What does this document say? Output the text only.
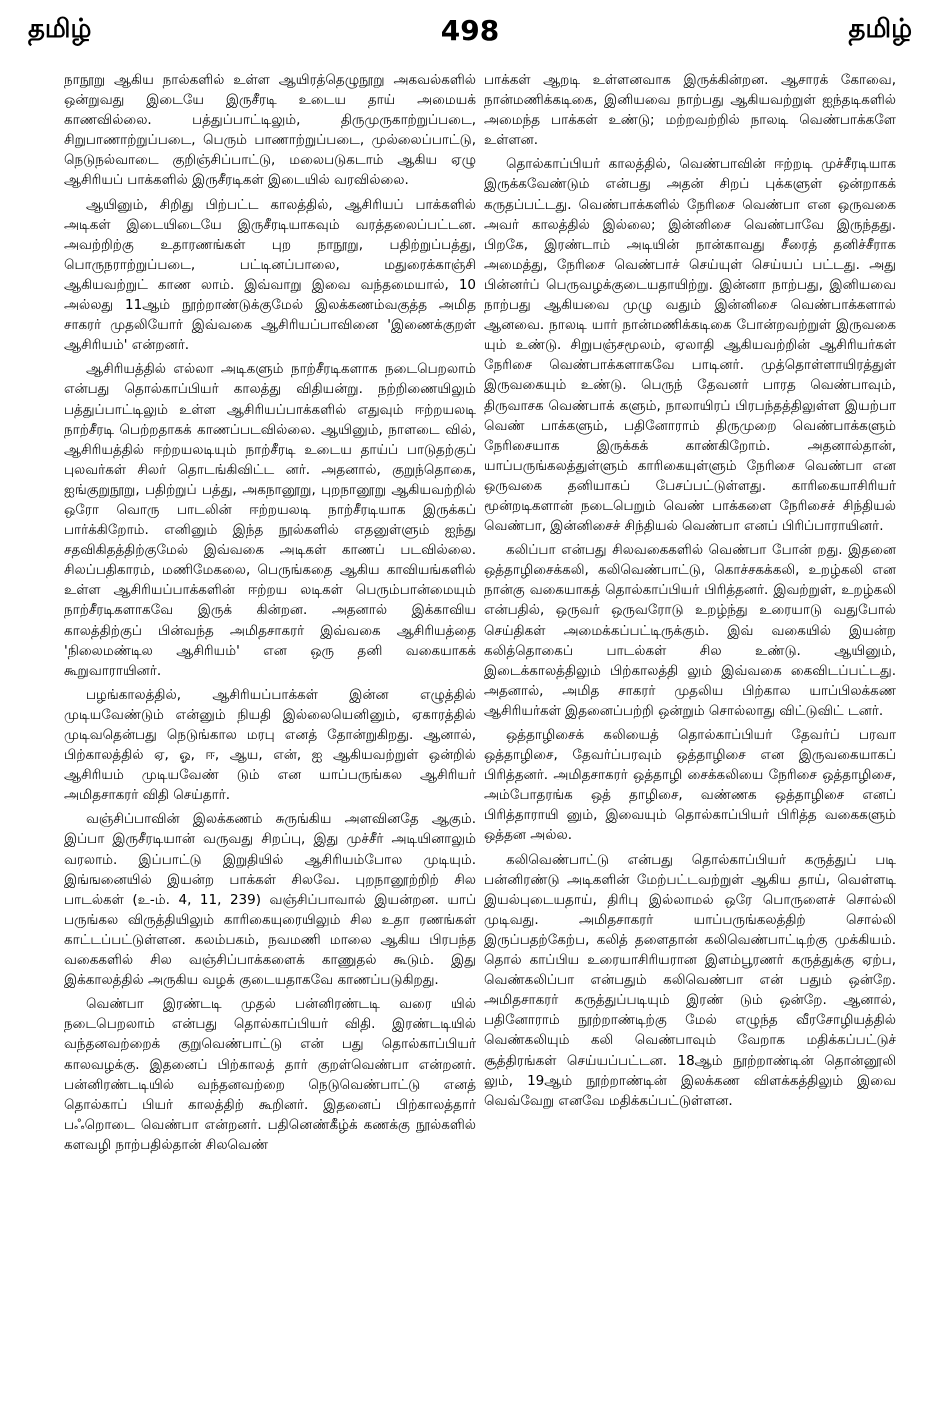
தமிழ்	498	தமிழ்

நாநூறு ஆகிய நால்களில் உள்ள ஆயிரத்தெழுநூறு அகவல்களில் ஒன்றுவது இடையே இருசீரடி உடைய தாய் அமையக் காணவில்லை. பத்துப்பாட்டிலும், திருமுருகாற்றுப்படை, சிறுபாணாற்றுப்படை, பெரும் பாணாற்றுப்படை, முல்லைப்பாட்டு, நெடுநல்வாடை குறிஞ்சிப்பாட்டு, மலைபடுகடாம் ஆகிய ஏழு ஆசிரியப் பாக்களில் இருசீரடிகள் இடையில் வரவில்லை.

ஆயினும், சிறிது பிற்பட்ட காலத்தில், ஆசிரியப் பாக்களில் அடிகள் இடையிடையே இருசீரடியாகவும் வரத்தலைப்பட்டன. அவற்றிற்கு உதாரணங்கள் புற நாநூறு, பதிற்றுப்பத்து, பொருநராற்றுப்படை, பட்டினப்பாலை, மதுரைக்காஞ்சி ஆகியவற்றுட் காண லாம். இவ்வாறு இவை வந்தமையால், 10 அல்லது 11ஆம் நூற்றாண்டுக்குமேல் இலக்கணம்வகுத்த அமித சாகரர் முதலியோர் இவ்வகை ஆசிரியப்பாவினை 'இணைக்குறள் ஆசிரியம்' என்றனர்.

ஆசிரியத்தில் எல்லா அடிகளும் நாற்சீரடிகளாக நடைபெறலாம் என்பது தொல்காப்பியர் காலத்து விதியன்று. நற்றிணையிலும் பத்துப்பாட்டிலும் உள்ள ஆசிரியப்பாக்களில் எதுவும் ஈற்றயலடி நாற்சீரடி பெற்றதாகக் காணப்படவில்லை. ஆயினும், நாளடை வில், ஆசிரியத்தில் ஈற்றயலடியும் நாற்சீரடி உடைய தாய்ப் பாடுதற்குப் புலவர்கள் சிலர் தொடங்கிவிட்ட னர். அதனால், குறுந்தொகை, ஐங்குறுநூறு, பதிற்றுப் பத்து, அகநானூறு, புறநானூறு ஆகியவற்றில் ஒரோ வொரு பாடலின் ஈற்றயலடி நாற்சீரடியாக இருக்கப் பார்க்கிறோம். எனினும் இந்த நூல்களில் எதனுள்ளும் ஐந்து சதவிகிதத்திற்குமேல் இவ்வகை அடிகள் காணப் படவில்லை. சிலப்பதிகாரம், மணிமேகலை, பெருங்கதை ஆகிய காவியங்களில் உள்ள ஆசிரியப்பாக்களின் ஈற்றய லடிகள் பெரும்பான்மையும் நாற்சீரடிகளாகவே இருக் கின்றன. அதனால் இக்காவிய காலத்திற்குப் பின்வந்த அமிதசாகரர் இவ்வகை ஆசிரியத்தை 'நிலைமண்டில ஆசிரியம்' என ஒரு தனி வகையாகக் கூறுவாராயினர்.

பழங்காலத்தில், ஆசிரியப்பாக்கள் இன்ன எழுத்தில் முடியவேண்டும் என்னும் நியதி இல்லையெனினும், ஏகாரத்தில் முடிவதென்பது நெடுங்கால மரபு எனத் தோன்றுகிறது. ஆனால், பிற்காலத்தில் ஏ, ஓ, ஈ, ஆய, என், ஐ ஆகியவற்றுள் ஒன்றில் ஆசிரியம் முடியவேண் டும் என யாப்பருங்கல ஆசிரியர் அமிதசாகரர் விதி செய்தார்.

வஞ்சிப்பாவின் இலக்கணம் சுருங்கிய அளவினதே ஆகும். இப்பா இருசீரடியான் வருவது சிறப்பு, இது முச்சீர் அடியினாலும் வரலாம். இப்பாட்டு இறுதியில் ஆசிரியம்போல முடியும். இங்ஙனையில் இயன்ற பாக்கள் சிலவே. புறநானூற்றிற் சில பாடல்கள் (உ-ம். 4, 11, 239) வஞ்சிப்பாவால் இயன்றன. யாப் பருங்கல விருத்தியிலும் காரிகையுரையிலும் சில உதா ரணங்கள் காட்டப்பட்டுள்ளன. கலம்பகம், நவமணி மாலை ஆகிய பிரபந்த வகைகளில் சில வஞ்சிப்பாக்களைக் காணுதல் கூடும். இது இக்காலத்தில் அருகிய வழக் குடையதாகவே காணப்படுகிறது.

வெண்பா இரண்டடி முதல் பன்னிரண்டடி வரை யில் நடைபெறலாம் என்பது தொல்காப்பியர் விதி. இரண்டடியில் வந்தனவற்றைக் குறுவெண்பாட்டு என் பது தொல்காப்பியர் காலவழக்கு. இதனைப் பிற்காலத் தார் குறள்வெண்பா என்றனர். பன்னிரண்டடியில் வந்தனவற்றை நெடுவெண்பாட்டு எனத் தொல்காப் பியர் காலத்திற் கூறினர். இதனைப் பிற்காலத்தார் பஃறொடை வெண்பா என்றனர். பதினெண்கீழ்க் கணக்கு நூல்களில் களவழி நாற்பதில்தான் சிலவெண்

பாக்கள் ஆறடி உள்ளனவாக இருக்கின்றன. ஆசாரக் கோவை, நான்மணிக்கடிகை, இனியவை நாற்பது ஆகியவற்றுள் ஐந்தடிகளில் அமைந்த பாக்கள் உண்டு; மற்றவற்றில் நாலடி வெண்பாக்களே உள்ளன.

தொல்காப்பியர் காலத்தில், வெண்பாவின் ஈற்றடி முச்சீரடியாக இருக்கவேண்டும் என்பது அதன் சிறப் புக்களுள் ஒன்றாகக் கருதப்பட்டது. வெண்பாக்களில் நேரிசை வெண்பா என ஒருவகை அவர் காலத்தில் இல்லை; இன்னிசை வெண்பாவே இருந்தது. பிறகே, இரண்டாம் அடியின் நான்காவது சீரைத் தனிச்சீராக அமைத்து, நேரிசை வெண்பாச் செய்யுள் செய்யப் பட்டது. அது பின்னர்ப் பெருவழக்குடையதாயிற்று. இன்னா நாற்பது, இனியவை நாற்பது ஆகியவை முழு வதும் இன்னிசை வெண்பாக்களால் ஆனவை. நாலடி யார் நான்மணிக்கடிகை போன்றவற்றுள் இருவகை யும் உண்டு. சிறுபஞ்சமூலம், ஏலாதி ஆகியவற்றின் ஆசிரியர்கள் நேரிசை வெண்பாக்களாகவே பாடினர். முத்தொள்ளாயிரத்துள் இருவகையும் உண்டு. பெருந் தேவனர் பாரத வெண்பாவும், திருவாசக வெண்பாக் களும், நாலாயிரப் பிரபந்தத்திலுள்ள இயற்பா வெண் பாக்களும், பதினோராம் திருமுறை வெண்பாக்களும் நேரிசையாக இருக்கக் காண்கிறோம். அதனால்தான், யாப்பருங்கலத்துள்ளும் காரிகையுள்ளும் நேரிசை வெண்பா என ஒருவகை தனியாகப் பேசப்பட்டுள்ளது. காரிகையாசிரியர் மூன்றடிகளான் நடைபெறும் வெண் பாக்களை நேரிசைச் சிந்தியல் வெண்பா, இன்னிசைச் சிந்தியல் வெண்பா எனப் பிரிப்பாராயினர்.

கலிப்பா என்பது சிலவகைகளில் வெண்பா போன் றது. இதனை ஒத்தாழிசைக்கலி, கலிவெண்பாட்டு, கொச்சகக்கலி, உறழ்கலி என நான்கு வகையாகத் தொல்காப்பியர் பிரித்தனர். இவற்றுள், உறழ்கலி என்பதில், ஒருவர் ஒருவரோடு உறழ்ந்து உரையாடு வதுபோல் செய்திகள் அமைக்கப்பட்டிருக்கும். இவ் வகையில் இயன்ற கலித்தொகைப் பாடல்கள் சில உண்டு. ஆயினும், இடைக்காலத்திலும் பிற்காலத்தி லும் இவ்வகை கைவிடப்பட்டது. அதனால், அமித சாகரர் முதலிய பிற்கால யாப்பிலக்கண ஆசிரியர்கள் இதனைப்பற்றி ஒன்றும் சொல்லாது விட்டுவிட் டனர்.

ஒத்தாழிசைக் கலியைத் தொல்காப்பியர் தேவர்ப் பரவா ஒத்தாழிசை, தேவர்ப்பரவும் ஒத்தாழிசை என இருவகையாகப் பிரித்தனர். அமிதசாகரர் ஒத்தாழி சைக்கலியை நேரிசை ஒத்தாழிசை, அம்போதரங்க ஒத் தாழிசை, வண்ணக ஒத்தாழிசை எனப் பிரித்தாராயி னும், இவையும் தொல்காப்பியர் பிரித்த வகைகளும் ஒத்தன அல்ல.

கலிவெண்பாட்டு என்பது தொல்காப்பியர் கருத்துப் படி பன்னிரண்டு அடிகளின் மேற்பட்டவற்றுள் ஆகிய தாய், வெள்ளடி இயல்புடையதாய், திரிபு இல்லாமல் ஒரே பொருளைச் சொல்லி முடிவது. அமிதசாகரர் யாப்பருங்கலத்திற் சொல்லி இருப்பதற்கேற்ப, கலித் தளைதான் கலிவெண்பாட்டிற்கு முக்கியம். தொல் காப்பிய உரையாசிரியரான இளம்பூரணர் கருத்துக்கு ஏற்ப, வெண்கலிப்பா என்பதும் கலிவெண்பா என் பதும் ஒன்றே. அமிதசாகரர் கருத்துப்படியும் இரண் டும் ஒன்றே. ஆனால், பதினோராம் நூற்றாண்டிற்கு மேல் எழுந்த வீரசோழியத்தில் வெண்கலியும் கலி வெண்பாவும் வேறாக மதிக்கப்பட்டுச் சூத்திரங்கள் செய்யப்பட்டன. 18ஆம் நூற்றாண்டின் தொன்னூலி லும், 19ஆம் நூற்றாண்டின் இலக்கண விளக்கத்திலும் இவை வெவ்வேறு எனவே மதிக்கப்பட்டுள்ளன.
